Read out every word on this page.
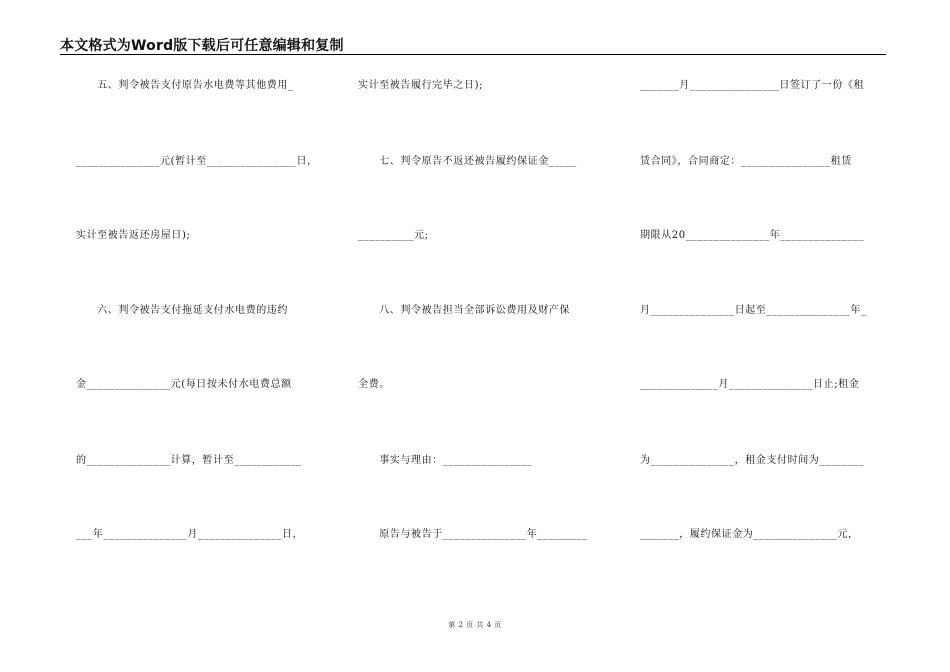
本文格式为Word版下载后可任意编辑和复制
　　五、判令被告支付原告水电费等其他费用_
_______________元(暂计至________________日，
实计至被告返还房屋日);
　　六、判令被告支付拖延支付水电费的违约
金_______________元(每日按未付水电费总额
的_______________计算，暂计至____________
___年_______________月_______________日，
实计至被告履行完毕之日);
　　七、判令原告不返还被告履约保证金_____
__________元;
　　八、判令被告担当全部诉讼费用及财产保
全费。
　　事实与理由：________________
　　原告与被告于_______________年_________
_______月________________日签订了一份《租
赁合同》，合同商定：________________租赁
期限从20_______________年_______________
月_______________日起至_______________年_
______________月_______________日止;租金
为_______________，租金支付时间为________
_______，履约保证金为_______________元，
第 2 页 共 4 页
